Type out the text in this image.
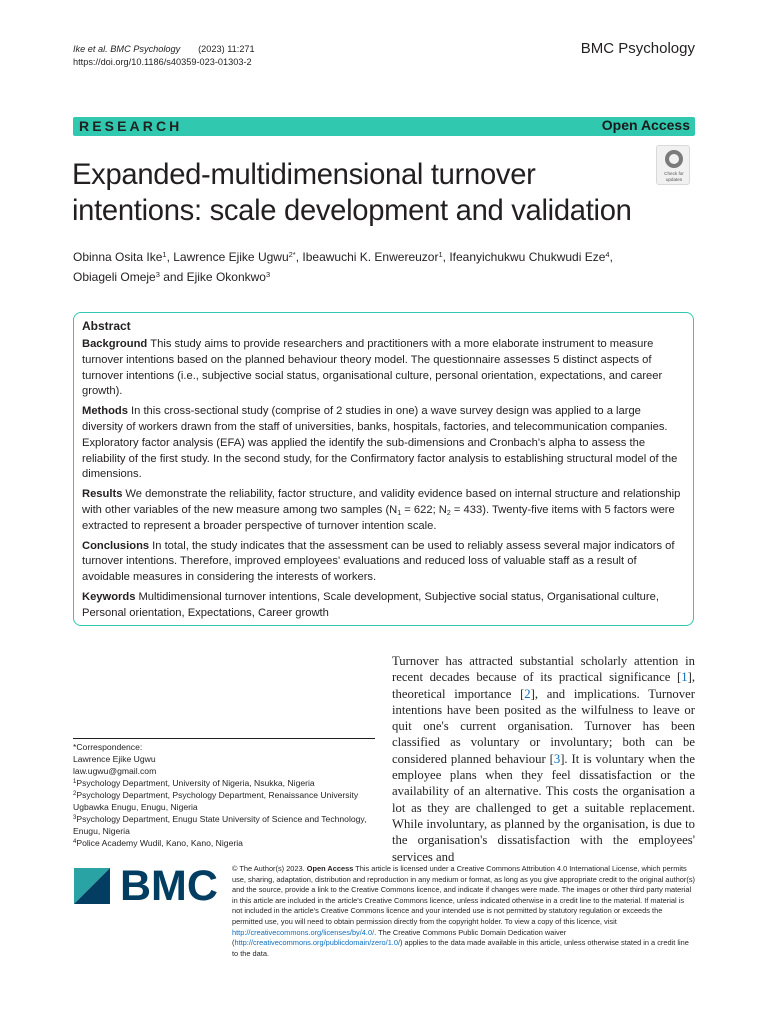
Ike et al. BMC Psychology (2023) 11:271
https://doi.org/10.1186/s40359-023-01303-2
BMC Psychology
RESEARCH	Open Access
Expanded-multidimensional turnover intentions: scale development and validation
Check for
updates
Obinna Osita Ike$^1$, Lawrence Ejike Ugwu$^{2*}$, Ibeawuchi K. Enwereuzor$^1$, Ifeanyichukwu Chukwudi Eze$^4$,
Obiageli Omeje$^3$ and Ejike Okonkwo$^3$
Abstract

Background This study aims to provide researchers and practitioners with a more elaborate instrument to measure turnover intentions based on the planned behaviour theory model. The questionnaire assesses 5 distinct aspects of turnover intentions (i.e., subjective social status, organisational culture, personal orientation, expectations, and career growth).

Methods In this cross-sectional study (comprise of 2 studies in one) a wave survey design was applied to a large diversity of workers drawn from the staff of universities, banks, hospitals, factories, and telecommunication companies. Exploratory factor analysis (EFA) was applied the identify the sub-dimensions and Cronbach's alpha to assess the reliability of the first study. In the second study, for the Confirmatory factor analysis to establishing structural model of the dimensions.

Results We demonstrate the reliability, factor structure, and validity evidence based on internal structure and relationship with other variables of the new measure among two samples ($N_1 = 622$; $N_2 = 433$). Twenty-five items with 5 factors were extracted to represent a broader perspective of turnover intention scale.

Conclusions In total, the study indicates that the assessment can be used to reliably assess several major indicators of turnover intentions. Therefore, improved employees' evaluations and reduced loss of valuable staff as a result of avoidable measures in considering the interests of workers.

Keywords Multidimensional turnover intentions, Scale development, Subjective social status, Organisational culture, Personal orientation, Expectations, Career growth

Turnover has attracted substantial scholarly attention in recent decades because of its practical significance [1], theoretical importance [2], and implications. Turnover intentions have been posited as the wilfulness to leave or quit one's current organisation. Turnover has been classified as voluntary or involuntary; both can be considered planned behaviour [3]. It is voluntary when the employee plans when they feel dissatisfaction or the availability of an alternative. This costs the organisation a lot as they are challenged to get a suitable replacement. While involuntary, as planned by the organisation, is due to the organisation's dissatisfaction with the employees' services and
*Correspondence:
Lawrence Ejike Ugwu
law.ugwu@gmail.com
$^1$Psychology Department, University of Nigeria, Nsukka, Nigeria
$^2$Psychology Department, Psychology Department, Renaissance University Ugbawka Enugu, Enugu, Nigeria
$^3$Psychology Department, Enugu State University of Science and Technology, Enugu, Nigeria
$^4$Police Academy Wudil, Kano, Kano, Nigeria
BMC © The Author(s) 2023. Open Access This article is licensed under a Creative Commons Attribution 4.0 International License, which permits use, sharing, adaptation, distribution and reproduction in any medium or format, as long as you give appropriate credit to the original author(s) and the source, provide a link to the Creative Commons licence, and indicate if changes were made. The images or other third party material in this article are included in the article's Creative Commons licence, unless indicated otherwise in a credit line to the material. If material is not included in the article's Creative Commons licence and your intended use is not permitted by statutory regulation or exceeds the permitted use, you will need to obtain permission directly from the copyright holder. To view a copy of this licence, visit http://creativecommons.org/licenses/by/4.0/. The Creative Commons Public Domain Dedication waiver (http://creativecommons.org/publicdomain/zero/1.0/) applies to the data made available in this article, unless otherwise stated in a credit line to the data.
